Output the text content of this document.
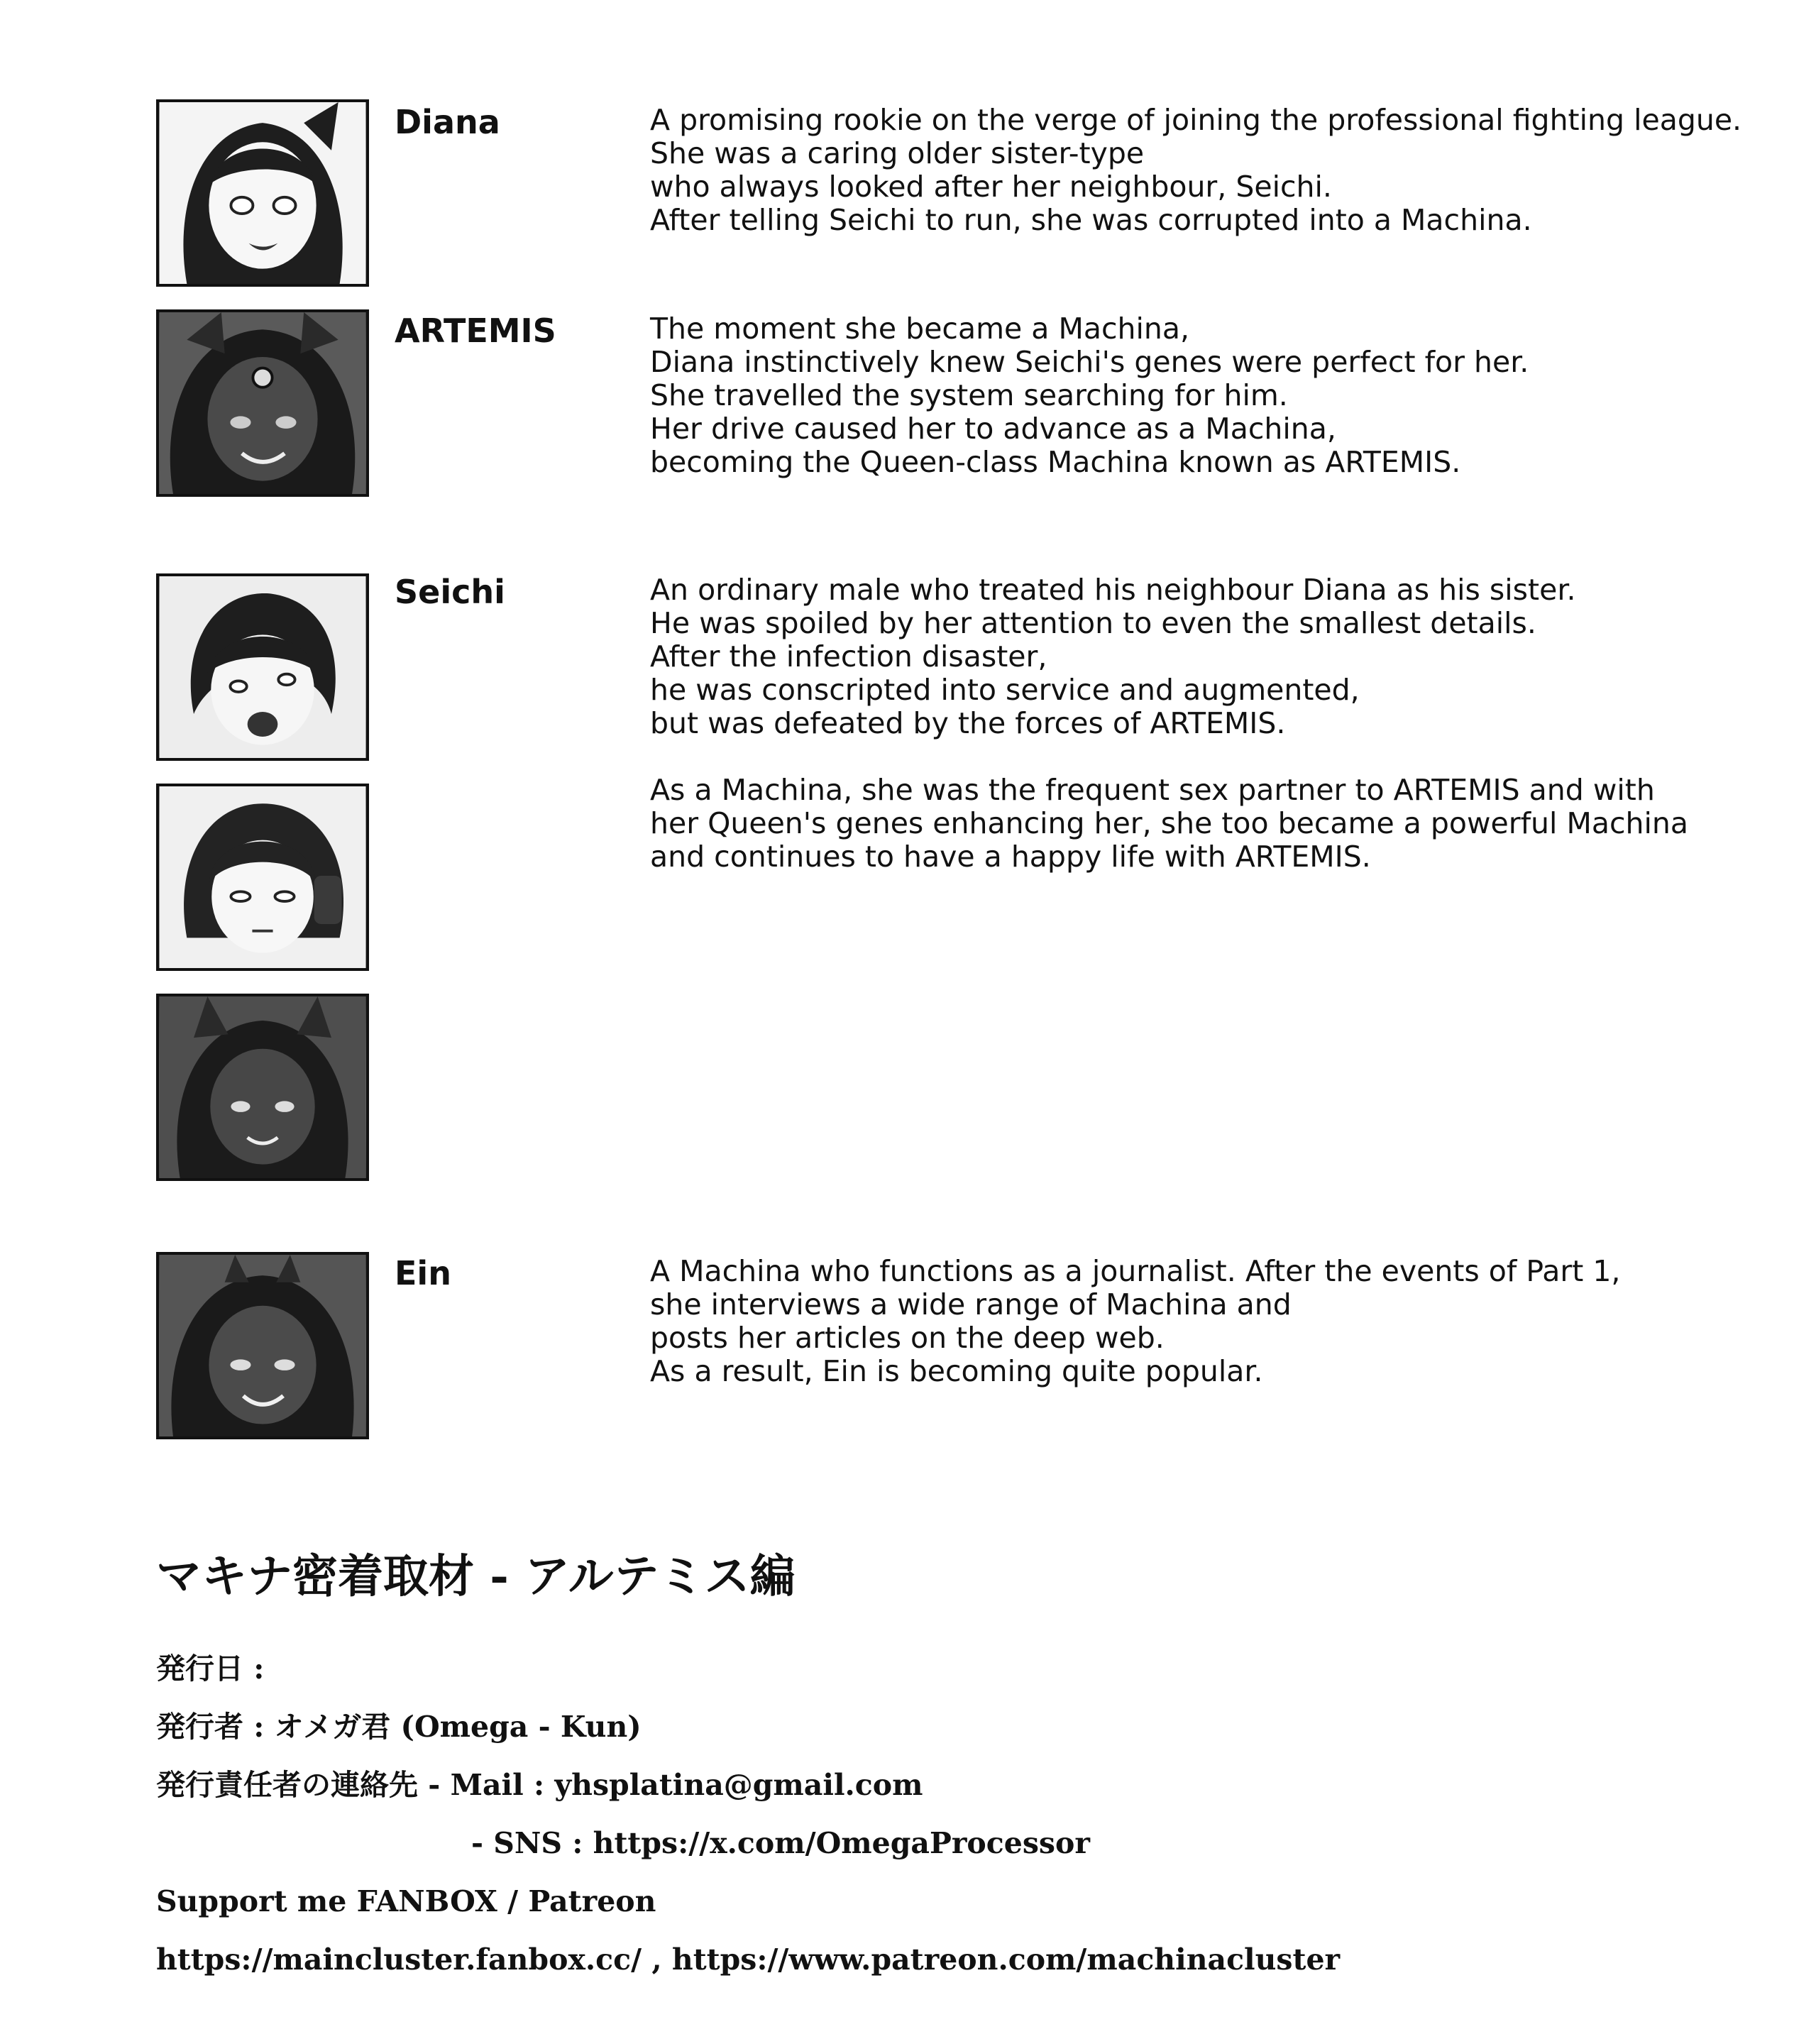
Diana
ARTEMIS
Seichi
Ein
A promising rookie on the verge of joining the professional fighting league.
She was a caring older sister-type
who always looked after her neighbour, Seichi.
After telling Seichi to run, she was corrupted into a Machina.
The moment she became a Machina,
Diana instinctively knew Seichi's genes were perfect for her.
She travelled the system searching for him.
Her drive caused her to advance as a Machina,
becoming the Queen-class Machina known as ARTEMIS.
An ordinary male who treated his neighbour Diana as his sister.
He was spoiled by her attention to even the smallest details.
After the infection disaster,
he was conscripted into service and augmented,
but was defeated by the forces of ARTEMIS.
As a Machina, she was the frequent sex partner to ARTEMIS and with
her Queen's genes enhancing her, she too became a powerful Machina
and continues to have a happy life with ARTEMIS.
A Machina who functions as a journalist. After the events of Part 1,
she interviews a wide range of Machina and
posts her articles on the deep web.
As a result, Ein is becoming quite popular.
マキナ密着取材 - アルテミス編
発行日 :
発行者 : オメガ君 (Omega - Kun)
発行責任者の連絡先 - Mail : yhsplatina@gmail.com
- SNS : https://x.com/OmegaProcessor
Support me FANBOX / Patreon
https://maincluster.fanbox.cc/ , https://www.patreon.com/machinacluster
